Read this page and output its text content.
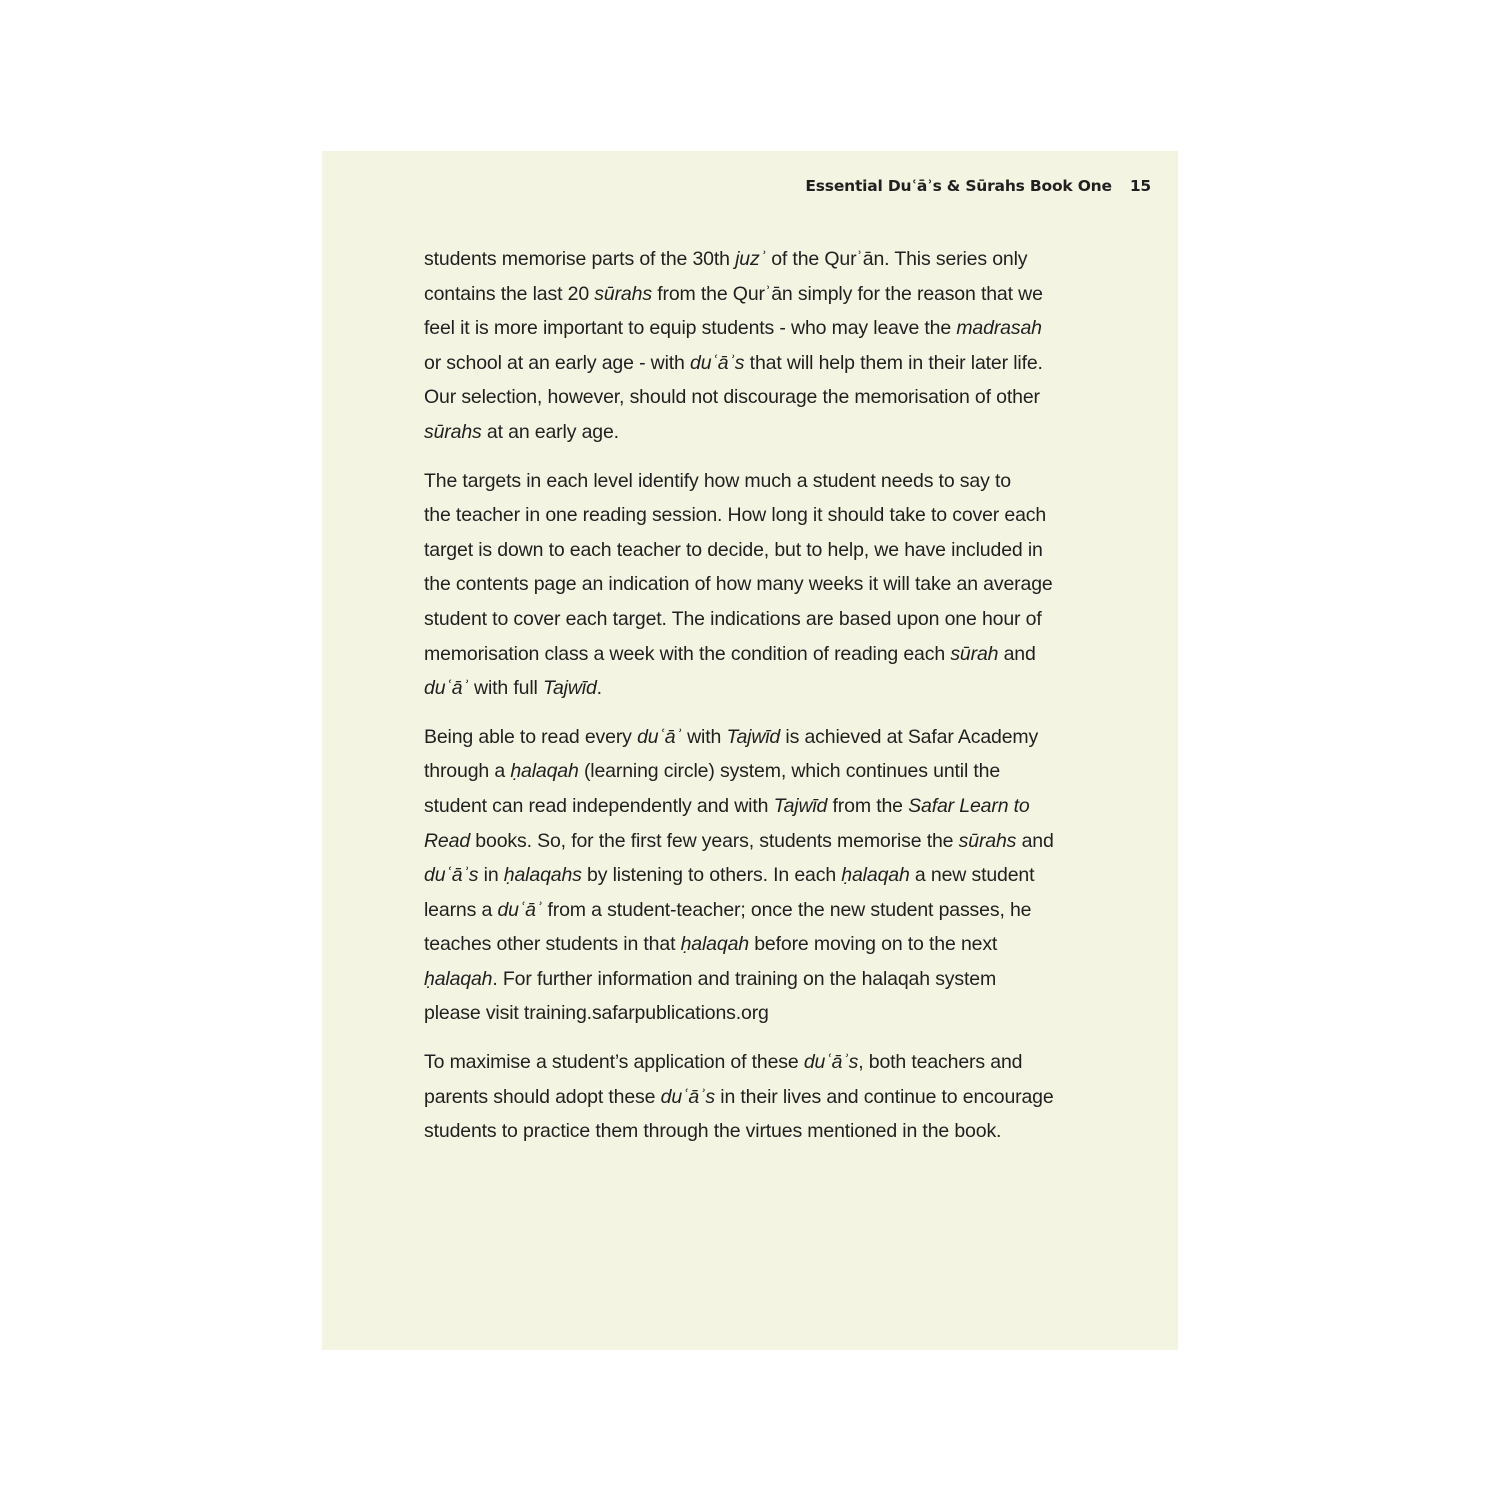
Essential Duʿāʾs & Sūrahs Book One 15
students memorise parts of the 30th juzʾ of the Qurʾān. This series only
contains the last 20 sūrahs from the Qurʾān simply for the reason that we
feel it is more important to equip students - who may leave the madrasah
or school at an early age - with duʿāʾs that will help them in their later life.
Our selection, however, should not discourage the memorisation of other
sūrahs at an early age.
The targets in each level identify how much a student needs to say to
the teacher in one reading session. How long it should take to cover each
target is down to each teacher to decide, but to help, we have included in
the contents page an indication of how many weeks it will take an average
student to cover each target. The indications are based upon one hour of
memorisation class a week with the condition of reading each sūrah and
duʿāʾ with full Tajwīd.
Being able to read every duʿāʾ with Tajwīd is achieved at Safar Academy
through a ḥalaqah (learning circle) system, which continues until the
student can read independently and with Tajwīd from the Safar Learn to
Read books. So, for the first few years, students memorise the sūrahs and
duʿāʾs in ḥalaqahs by listening to others. In each ḥalaqah a new student
learns a duʿāʾ from a student-teacher; once the new student passes, he
teaches other students in that ḥalaqah before moving on to the next
ḥalaqah. For further information and training on the halaqah system
please visit training.safarpublications.org
To maximise a student’s application of these duʿāʾs, both teachers and
parents should adopt these duʿāʾs in their lives and continue to encourage
students to practice them through the virtues mentioned in the book.
